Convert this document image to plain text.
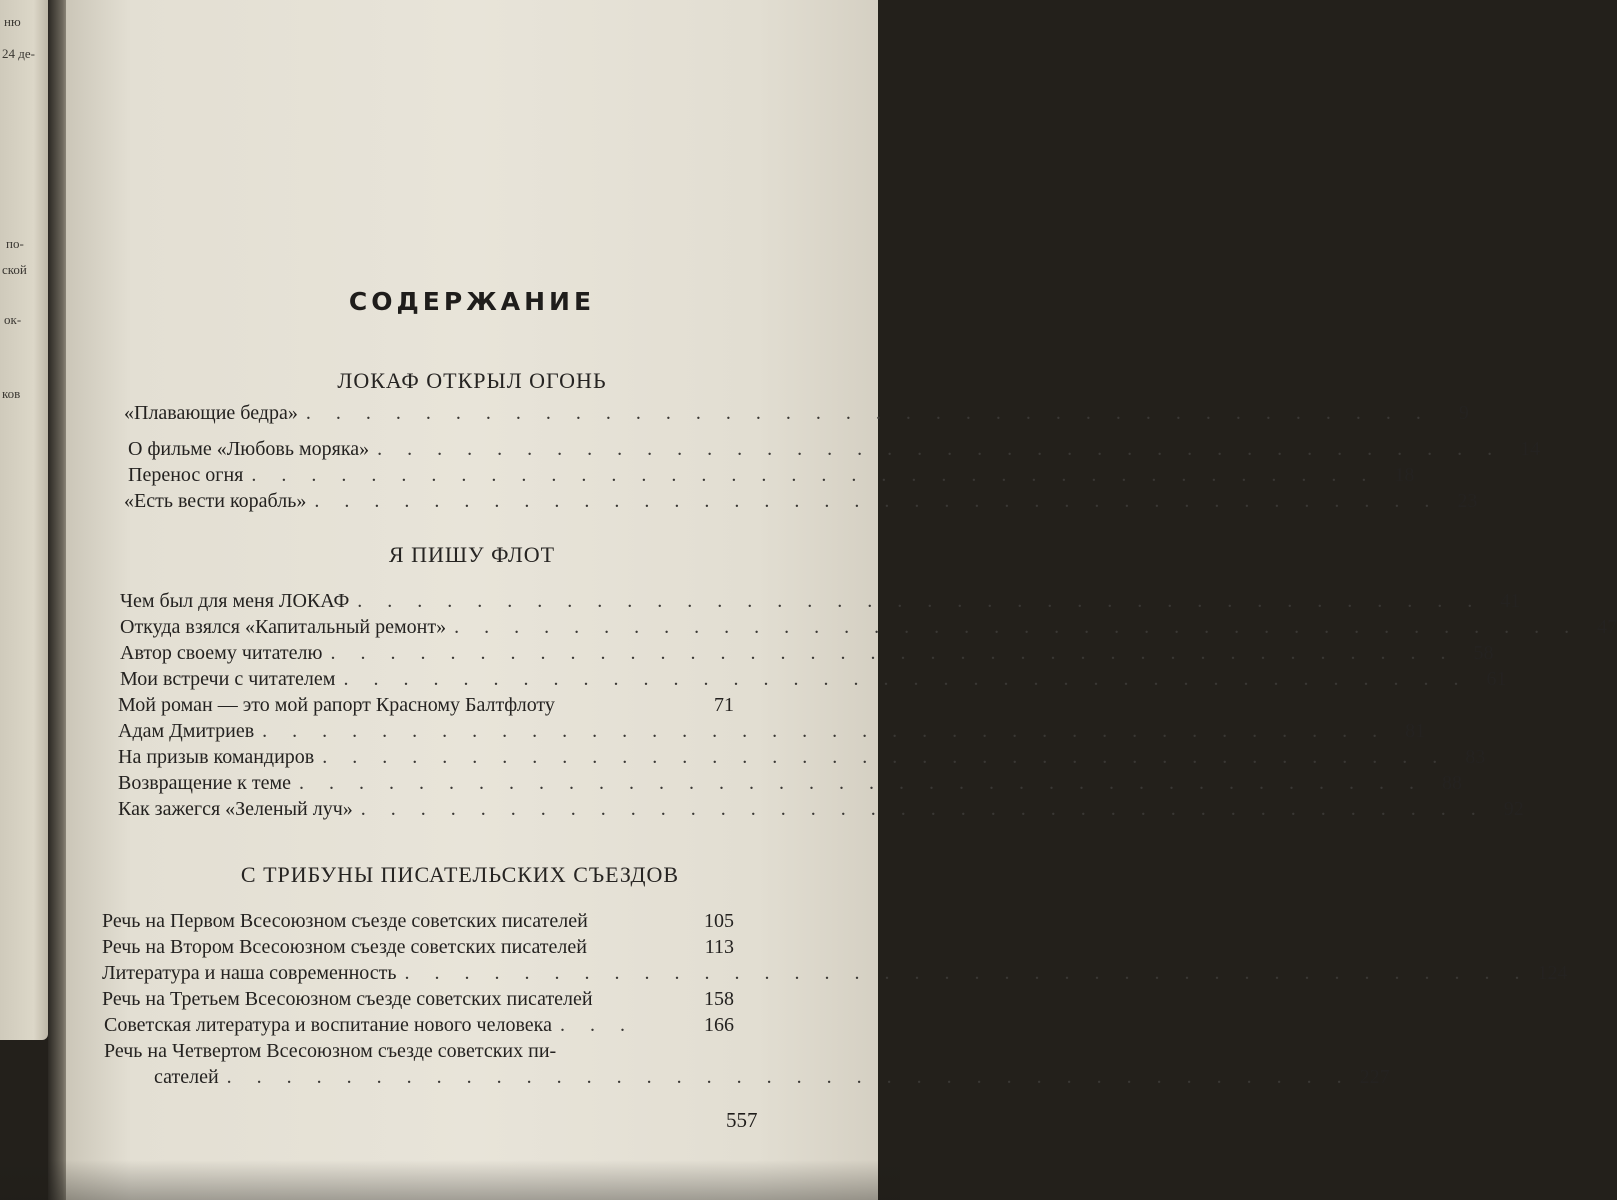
ню
24 де-
по-
ской
ок-
ков
СОДЕРЖАНИЕ
ЛОКАФ ОТКРЫЛ ОГОНЬ
«Плавающие бедра» . . . . . . . . . . . . . . . . . . . . . . . . . . . . . . . . . . . . . .	9
О фильме «Любовь моряка» . . . . . . . . . . . . . . . . . . . . . . . . . . . . . . . . . . . . . . 14
Перенос огня . . . . . . . . . . . . . . . . . . . . . . . . . . . . . . . . . . . . . . 18
«Есть вести корабль» . . . . . . . . . . . . . . . . . . . . . . . . . . . . . . . . . . . . . . 23
Я ПИШУ ФЛОТ
Чем был для меня ЛОКАФ . . . . . . . . . . . . . . . . . . . . . . . . . . . . . . . . . . . . . . 41
Откуда взялся «Капитальный ремонт» . . . . . . . . . . . . . . . . . . . . . . . . . . . . . . . . . . . . . . 47
Автор своему читателю . . . . . . . . . . . . . . . . . . . . . . . . . . . . . . . . . . . . . . 58
Мои встречи с читателем . . . . . . . . . . . . . . . . . . . . . . . . . . . . . . . . . . . . . . 61
Мой роман — это мой рапорт Красному Балтфлоту	71
Адам Дмитриев . . . . . . . . . . . . . . . . . . . . . . . . . . . . . . . . . . . . . . 81
На призыв командиров . . . . . . . . . . . . . . . . . . . . . . . . . . . . . . . . . . . . . . 83
Возвращение к теме . . . . . . . . . . . . . . . . . . . . . . . . . . . . . . . . . . . . . . 88
Как зажегся «Зеленый луч» . . . . . . . . . . . . . . . . . . . . . . . . . . . . . . . . . . . . . . 92
С ТРИБУНЫ ПИСАТЕЛЬСКИХ СЪЕЗДОВ
Речь на Первом Всесоюзном съезде советских писателей	105
Речь на Втором Всесоюзном съезде советских писателей	113
Литература и наша современность . . . . . . . . . . . . . . . . . . . . . . . . . . . . . . . . . . . . . . 124
Речь на Третьем Всесоюзном съезде советских писателей	158
Советская литература и воспитание нового человека . . .	166
Речь на Четвертом Всесоюзном съезде советских пи-
сателей . . . . . . . . . . . . . . . . . . . . . . . . . . . . . . . . . . . . . . 227
557
